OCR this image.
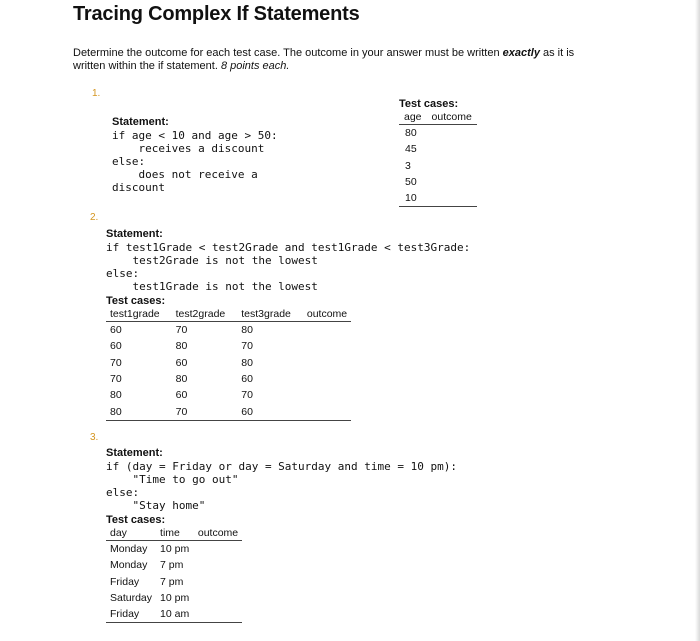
Tracing Complex If Statements
Determine the outcome for each test case. The outcome in your answer must be written exactly as it is written within the if statement. 8 points each.
1.
Statement:
if age < 10 and age > 50:
receives a discount
else:
does not receive a
discount
Test cases:
age	outcome
80	
45	
3	
50	
10	
2.
Statement:
if test1Grade < test2Grade and test1Grade < test3Grade:
test2Grade is not the lowest
else:
test1Grade is not the lowest
Test cases:
test1grade	test2grade	test3grade	outcome
60	70	80	
60	80	70	
70	60	80	
70	80	60	
80	60	70	
80	70	60	
3.
Statement:
if (day = Friday or day = Saturday and time = 10 pm):
"Time to go out"
else:
"Stay home"
Test cases:
day	time	outcome
Monday	10 pm	
Monday	7 pm	
Friday	7 pm	
Saturday	10 pm	
Friday	10 am	
